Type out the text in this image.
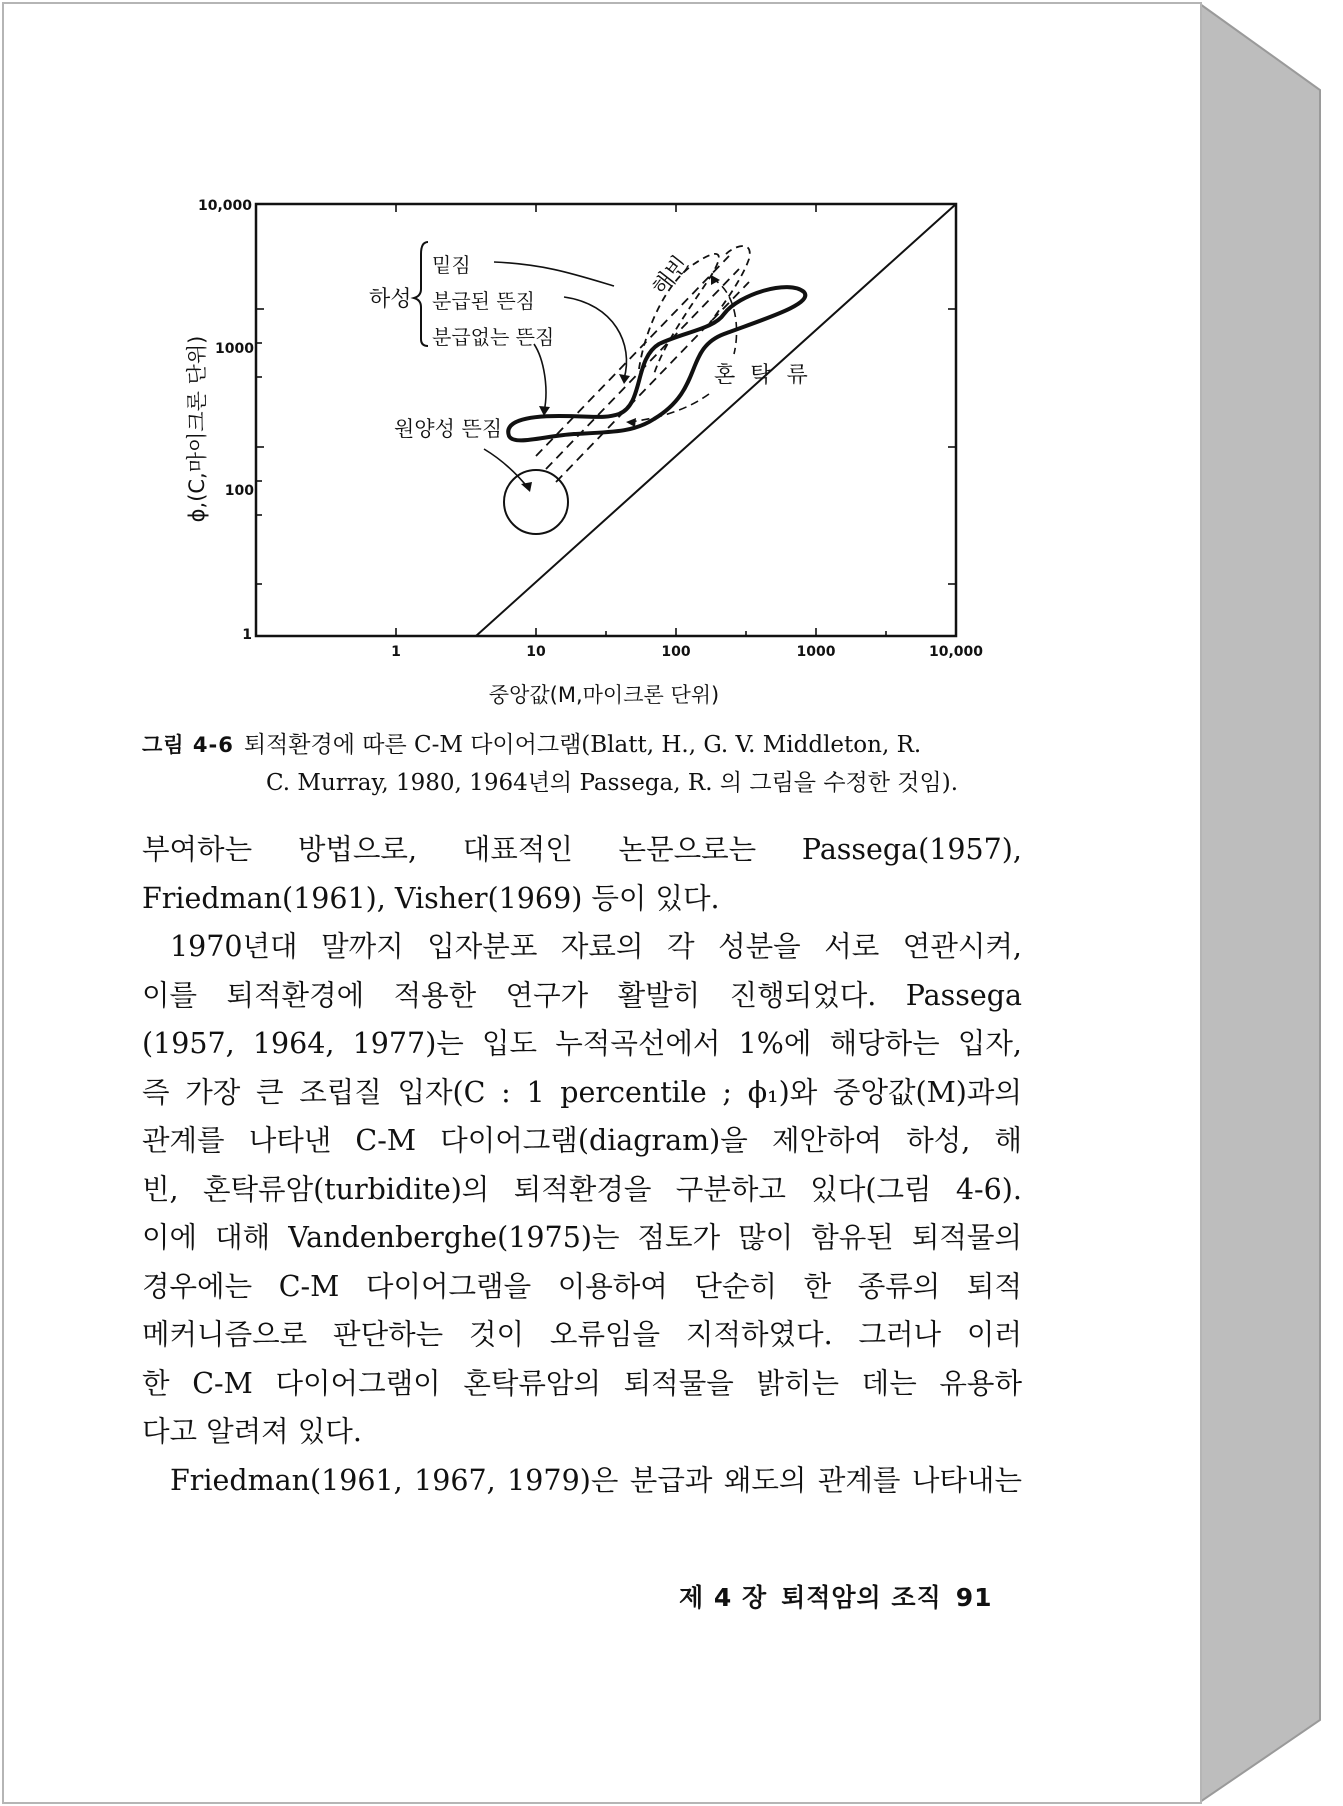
10,000
1000
100
1
1	10	100	1000	10,000
중앙값(M,마이크론 단위)
ϕ,(C,마이크론 단위)	원양성 뜬짐
해빈
하성
밑짐
분급된 뜬짐
분급없는 뜬짐
혼 탁 류
그림 4-6 퇴적환경에 따른 C-M 다이어그램(Blatt, H., G. V. Middleton, R.
C. Murray, 1980, 1964년의 Passega, R. 의 그림을 수정한 것임).
부여하는 방법으로, 대표적인 논문으로는 Passega(1957),
Friedman(1961), Visher(1969) 등이 있다.
1970년대 말까지 입자분포 자료의 각 성분을 서로 연관시켜,
이를 퇴적환경에 적용한 연구가 활발히 진행되었다. Passega
(1957, 1964, 1977)는 입도 누적곡선에서 1%에 해당하는 입자,
즉 가장 큰 조립질 입자(C : 1 percentile ; ϕ₁)와 중앙값(M)과의
관계를 나타낸 C-M 다이어그램(diagram)을 제안하여 하성, 해
빈, 혼탁류암(turbidite)의 퇴적환경을 구분하고 있다(그림 4-6).
이에 대해 Vandenberghe(1975)는 점토가 많이 함유된 퇴적물의
경우에는 C-M 다이어그램을 이용하여 단순히 한 종류의 퇴적
메커니즘으로 판단하는 것이 오류임을 지적하였다. 그러나 이러
한 C-M 다이어그램이 혼탁류암의 퇴적물을 밝히는 데는 유용하
다고 알려져 있다.
Friedman(1961, 1967, 1979)은 분급과 왜도의 관계를 나타내는
제 4 장 퇴적암의 조직 91
